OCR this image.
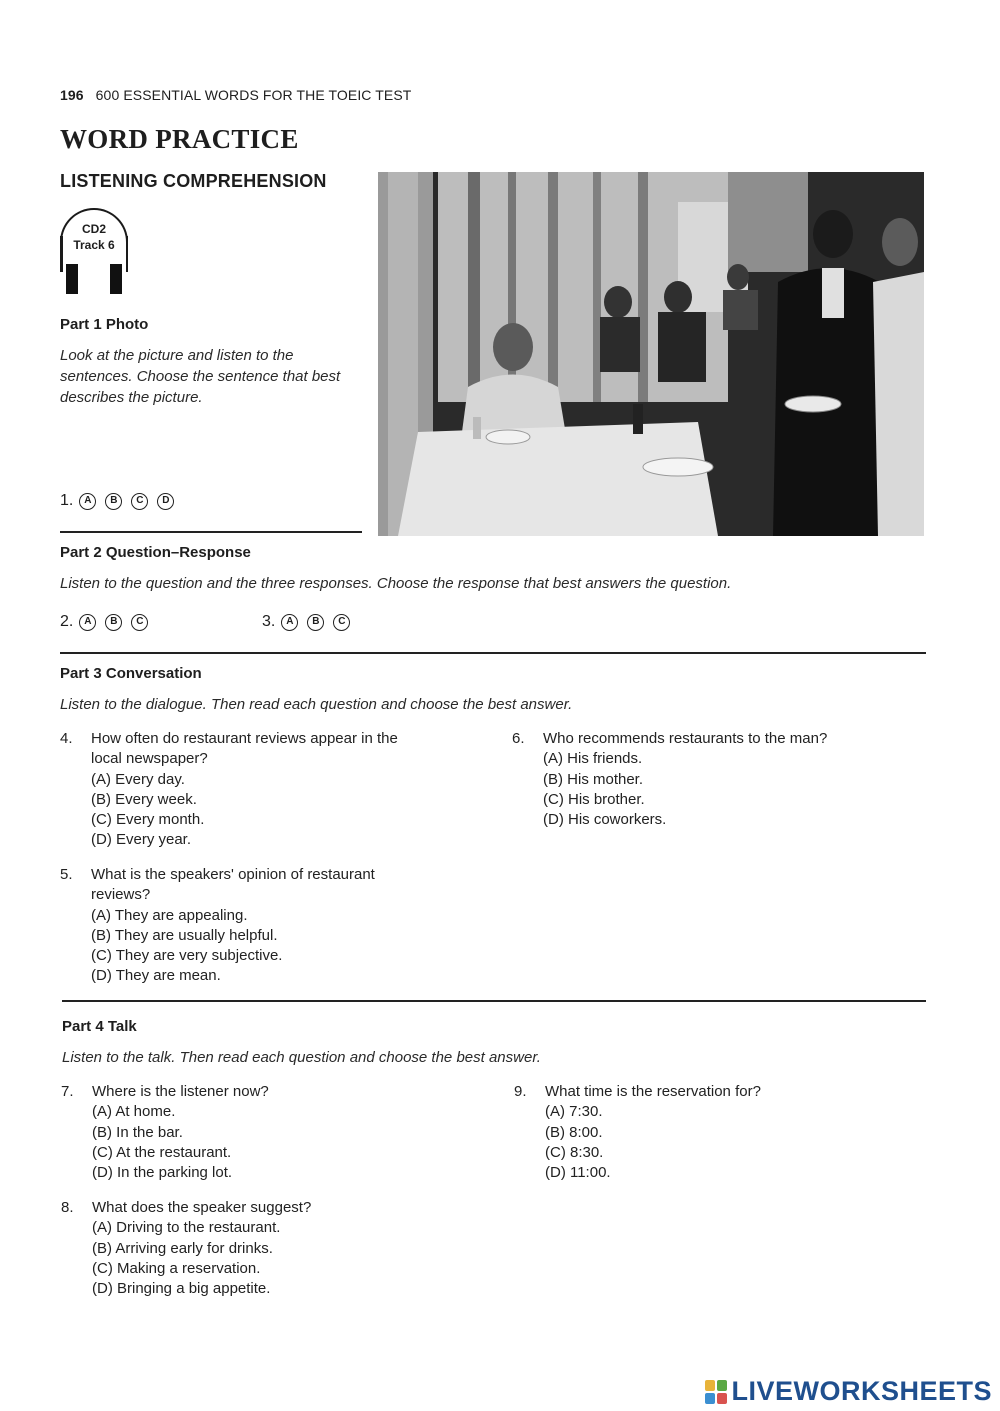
196 600 ESSENTIAL WORDS FOR THE TOEIC TEST
WORD PRACTICE
LISTENING COMPREHENSION
CD2
Track 6
Part 1 Photo
Look at the picture and listen to the sentences. Choose the sentence that best describes the picture.
1.	A	B	C	D
Part 2 Question–Response
Listen to the question and the three responses. Choose the response that best answers the question.
2.	A	B	C	3.	A	B	C
Part 3 Conversation
Listen to the dialogue. Then read each question and choose the best answer.
4. How often do restaurant reviews appear in the
local newspaper?
(A) Every day.
(B) Every week.
(C) Every month.
(D) Every year.
5. What is the speakers' opinion of restaurant
reviews?
(A) They are appealing.
(B) They are usually helpful.
(C) They are very subjective.
(D) They are mean.
6. Who recommends restaurants to the man?
(A) His friends.
(B) His mother.
(C) His brother.
(D) His coworkers.
Part 4 Talk
Listen to the talk. Then read each question and choose the best answer.
7. Where is the listener now?
(A) At home.
(B) In the bar.
(C) At the restaurant.
(D) In the parking lot.
8. What does the speaker suggest?
(A) Driving to the restaurant.
(B) Arriving early for drinks.
(C) Making a reservation.
(D) Bringing a big appetite.
9. What time is the reservation for?
(A) 7:30.
(B) 8:00.
(C) 8:30.
(D) 11:00.
LIVEWORKSHEETS
